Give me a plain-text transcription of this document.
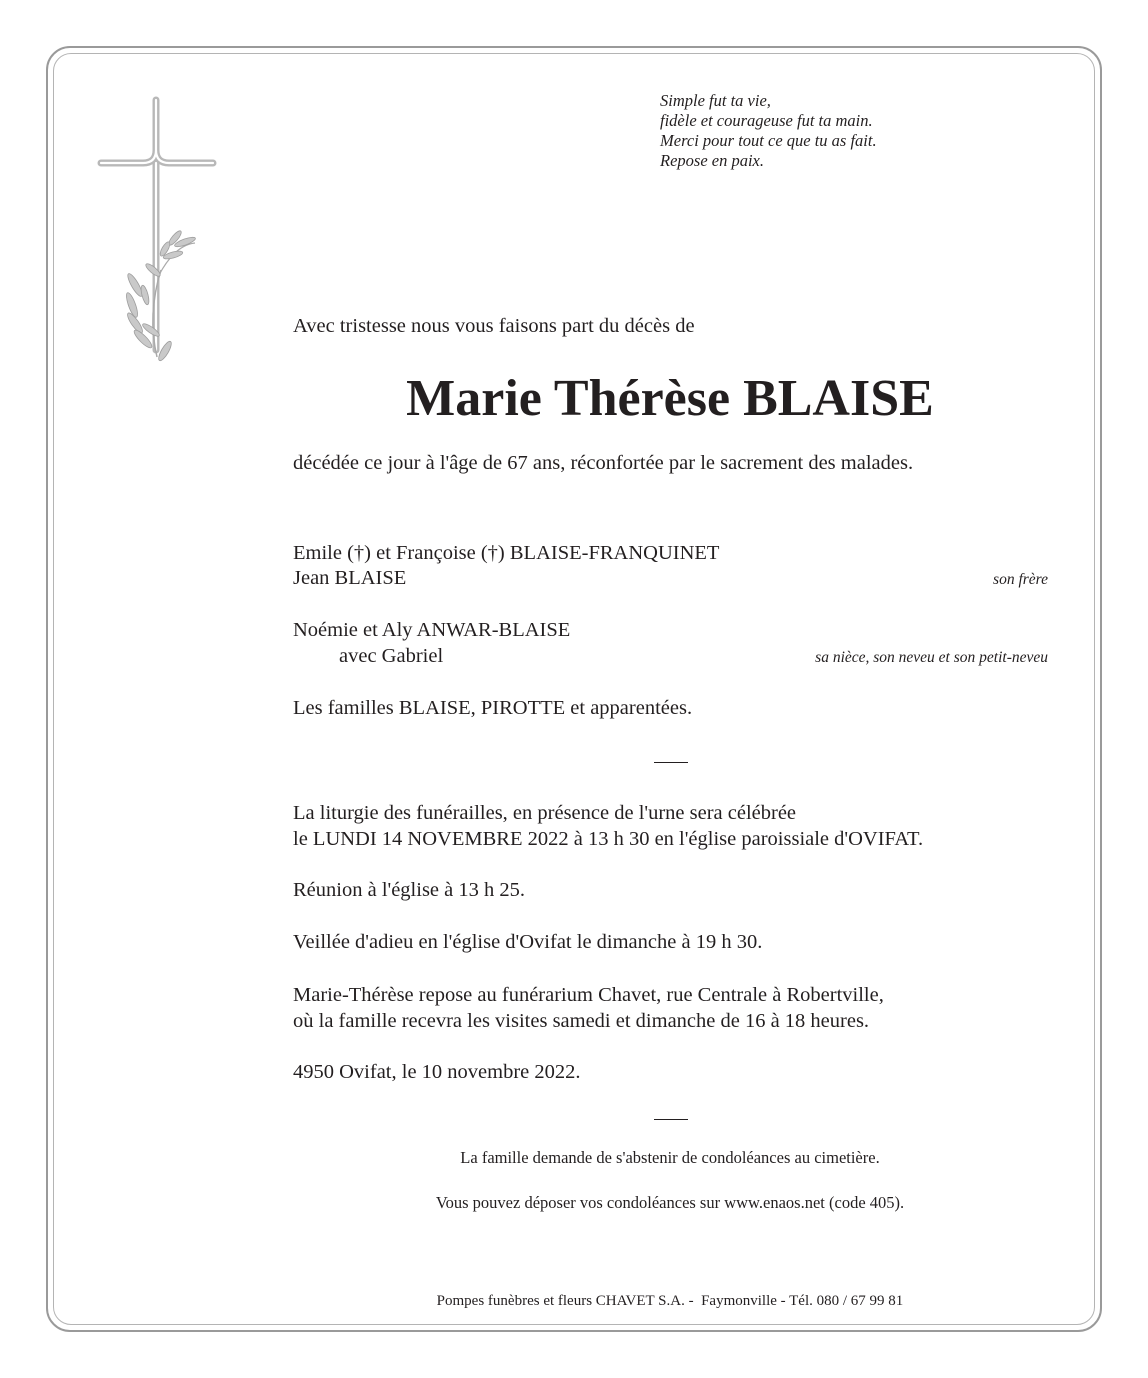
Simple fut ta vie,
fidèle et courageuse fut ta main.
Merci pour tout ce que tu as fait.
Repose en paix.
Avec tristesse nous vous faisons part du décès de
Marie Thérèse BLAISE
décédée ce jour à l'âge de 67 ans, réconfortée par le sacrement des malades.
Emile (†) et Françoise (†) BLAISE-FRANQUINET
Jean BLAISE	son frère
Noémie et Aly ANWAR-BLAISE
avec Gabriel	sa nièce, son neveu et son petit-neveu
Les familles BLAISE, PIROTTE et apparentées.
La liturgie des funérailles, en présence de l'urne sera célébrée
le LUNDI 14 NOVEMBRE 2022 à 13 h 30 en l'église paroissiale d'OVIFAT.
Réunion à l'église à 13 h 25.
Veillée d'adieu en l'église d'Ovifat le dimanche à 19 h 30.
Marie-Thérèse repose au funérarium Chavet, rue Centrale à Robertville,
où la famille recevra les visites samedi et dimanche de 16 à 18 heures.
4950 Ovifat, le 10 novembre 2022.
La famille demande de s'abstenir de condoléances au cimetière.
Vous pouvez déposer vos condoléances sur www.enaos.net (code 405).
Pompes funèbres et fleurs CHAVET S.A. -  Faymonville - Tél. 080 / 67 99 81
